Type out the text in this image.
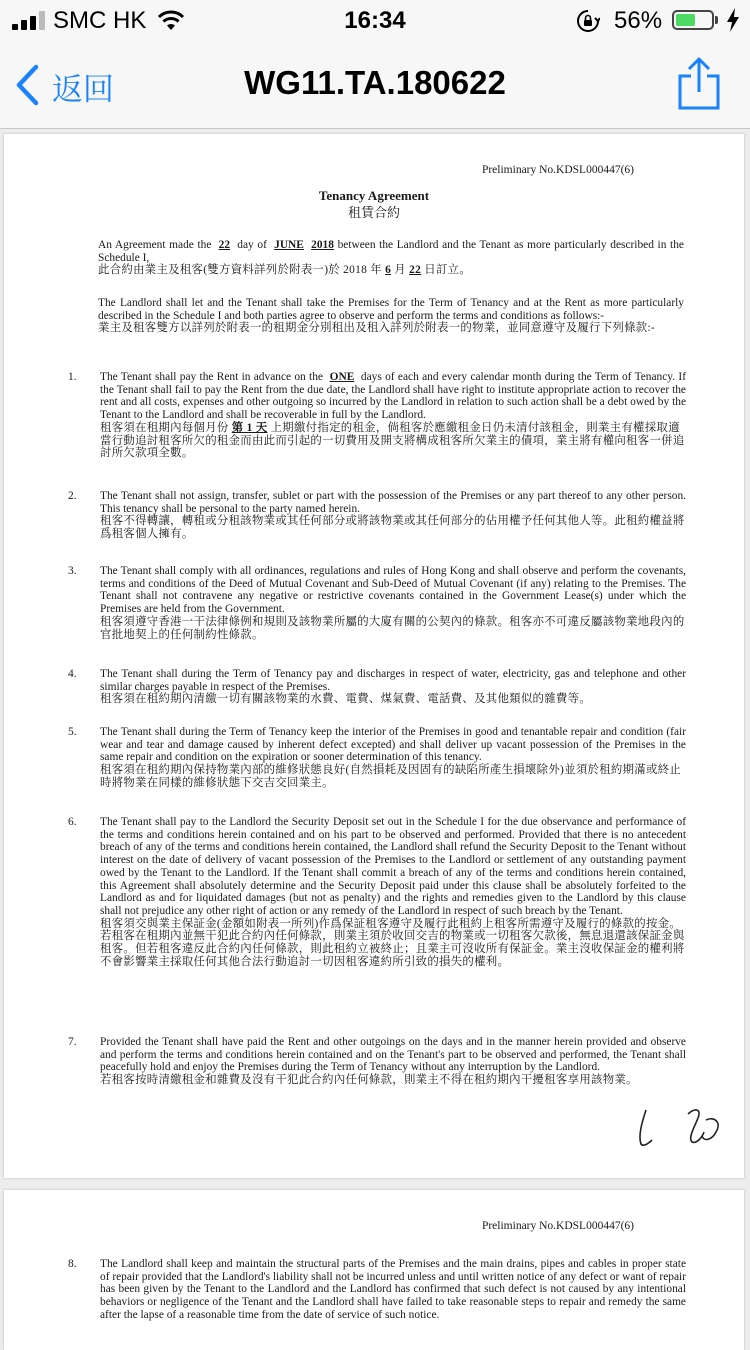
SMC HK	16:34	56%
返回	WG11.TA.180622
Preliminary No.KDSL000447(6)
Tenancy Agreement
租賃合約
An Agreement made the 22 day of JUNE 2018 between the Landlord and the Tenant as more particularly described in the Schedule I,
此合約由業主及租客(雙方資料詳列於附表一)於 2018 年 6 月 22 日訂立。
The Landlord shall let and the Tenant shall take the Premises for the Term of Tenancy and at the Rent as more particularly described in the Schedule I and both parties agree to observe and perform the terms and conditions as follows:-
業主及租客雙方以詳列於附表一的租期金分別租出及租入詳列於附表一的物業，並同意遵守及履行下列條款:-
1. The Tenant shall pay the Rent in advance on the ONE days of each and every calendar month during the Term of Tenancy. If the Tenant shall fail to pay the Rent from the due date, the Landlord shall have right to institute appropriate action to recover the rent and all costs, expenses and other outgoing so incurred by the Landlord in relation to such action shall be a debt owed by the Tenant to the Landlord and shall be recoverable in full by the Landlord.
租客須在租期內每個月份 第 1 天 上期繳付指定的租金，倘租客於應繳租金日仍未清付該租金，則業主有權採取適當行動追討租客所欠的租金而由此而引起的一切費用及開支將構成租客所欠業主的債項，業主將有權向租客一併追討所欠款項全數。
2. The Tenant shall not assign, transfer, sublet or part with the possession of the Premises or any part thereof to any other person. This tenancy shall be personal to the party named herein.
租客不得轉讓，轉租或分租該物業或其任何部分或將該物業或其任何部分的佔用權予任何其他人等。此租約權益將爲租客個人擁有。
3. The Tenant shall comply with all ordinances, regulations and rules of Hong Kong and shall observe and perform the covenants, terms and conditions of the Deed of Mutual Covenant and Sub-Deed of Mutual Covenant (if any) relating to the Premises. The Tenant shall not contravene any negative or restrictive covenants contained in the Government Lease(s) under which the Premises are held from the Government.
租客須遵守香港一干法律條例和規則及該物業所屬的大廈有關的公契內的條款。租客亦不可違反屬該物業地段內的官批地契上的任何制約性條款。
4. The Tenant shall during the Term of Tenancy pay and discharges in respect of water, electricity, gas and telephone and other similar charges payable in respect of the Premises.
租客須在租約期內清繳一切有關該物業的水費、電費、煤氣費、電話費、及其他類似的雜費等。
5. The Tenant shall during the Term of Tenancy keep the interior of the Premises in good and tenantable repair and condition (fair wear and tear and damage caused by inherent defect excepted) and shall deliver up vacant possession of the Premises in the same repair and condition on the expiration or sooner determination of this tenancy.
租客須在租約期內保持物業內部的維修狀態良好(自然損耗及因固有的缺陷所產生損壞除外)並須於租約期滿或終止時將物業在同樣的維修狀態下交吉交回業主。
6. The Tenant shall pay to the Landlord the Security Deposit set out in the Schedule I for the due observance and performance of the terms and conditions herein contained and on his part to be observed and performed. Provided that there is no antecedent breach of any of the terms and conditions herein contained, the Landlord shall refund the Security Deposit to the Tenant without interest on the date of delivery of vacant possession of the Premises to the Landlord or settlement of any outstanding payment owed by the Tenant to the Landlord. If the Tenant shall commit a breach of any of the terms and conditions herein contained, this Agreement shall absolutely determine and the Security Deposit paid under this clause shall be absolutely forfeited to the Landlord as and for liquidated damages (but not as penalty) and the rights and remedies given to the Landlord by this clause shall not prejudice any other right of action or any remedy of the Landlord in respect of such breach by the Tenant.
租客須交與業主保証金(金額如附表一所列)作爲保証租客遵守及履行此租約上租客所需遵守及履行的條款的按金。若租客在租期內並無干犯此合約內任何條款，則業主須於收回交吉的物業或一切租客欠款後，無息退還該保証金與租客。但若租客違反此合約內任何條款，則此租約立被終止；且業主可沒收所有保証金。業主沒收保証金的權利將不會影響業主採取任何其他合法行動追討一切因租客違約所引致的損失的權利。
7. Provided the Tenant shall have paid the Rent and other outgoings on the days and in the manner herein provided and observe and perform the terms and conditions herein contained and on the Tenant's part to be observed and performed, the Tenant shall peacefully hold and enjoy the Premises during the Term of Tenancy without any interruption by the Landlord.
若租客按時清繳租金和雜費及沒有干犯此合約內任何條款，則業主不得在租約期內干擾租客享用該物業。
Preliminary No.KDSL000447(6)
8. The Landlord shall keep and maintain the structural parts of the Premises and the main drains, pipes and cables in proper state of repair provided that the Landlord's liability shall not be incurred unless and until written notice of any defect or want of repair has been given by the Tenant to the Landlord and the Landlord has confirmed that such defect is not caused by any intentional behaviors or negligence of the Tenant and the Landlord shall have failed to take reasonable steps to repair and remedy the same after the lapse of a reasonable time from the date of service of such notice.
